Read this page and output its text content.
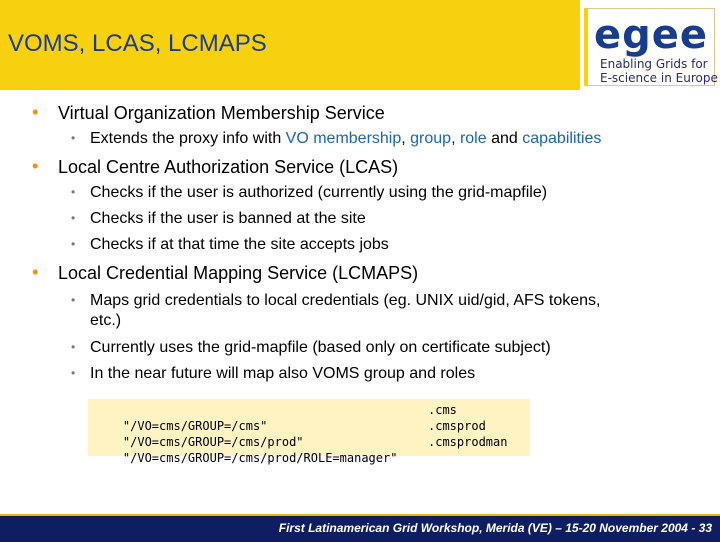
VOMS, LCAS, LCMAPS	egee
Enabling Grids for
E-science in Europe
• Virtual Organization Membership Service
• Extends the proxy info with VO membership, group, role and capabilities
• Local Centre Authorization Service (LCAS)
• Checks if the user is authorized (currently using the grid-mapfile)
• Checks if the user is banned at the site
• Checks if at that time the site accepts jobs
• Local Credential Mapping Service (LCMAPS)
• Maps grid credentials to local credentials (eg. UNIX uid/gid, AFS tokens,
etc.)
• Currently uses the grid-mapfile (based only on certificate subject)
• In the near future will map also VOMS group and roles

"/VO=cms/GROUP=/cms"

.cms

"/VO=cms/GROUP=/cms/prod"

.cmsprod

"/VO=cms/GROUP=/cms/prod/ROLE=manager"

.cmsprodman
First Latinamerican Grid Workshop, Merida (VE) – 15-20 November 2004 - 33
